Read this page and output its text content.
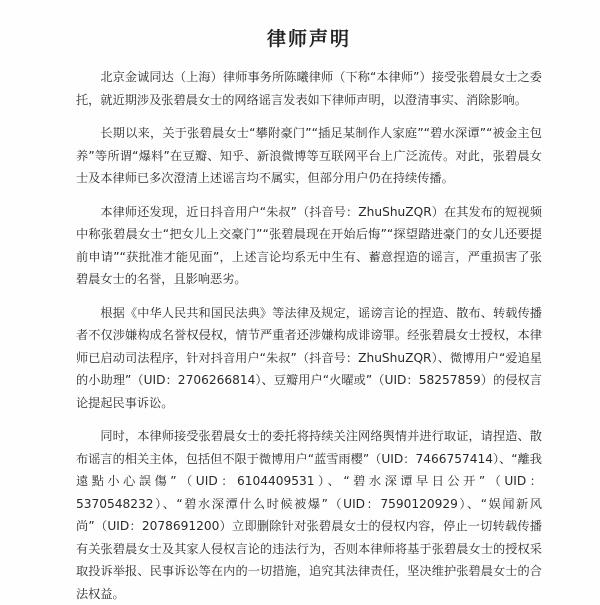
律师声明

北京金诚同达（上海）律师事务所陈曦律师（下称“本律师”）接受张碧晨女士之委托，就近期涉及张碧晨女士的网络谣言发表如下律师声明，以澄清事实、消除影响。

长期以来，关于张碧晨女士“攀附豪门”“插足某制作人家庭”“碧水深谭”“被金主包养”等所谓“爆料”在豆瓣、知乎、新浪微博等互联网平台上广泛流传。对此，张碧晨女士及本律师已多次澄清上述谣言均不属实，但部分用户仍在持续传播。

本律师还发现，近日抖音用户“朱叔”（抖音号：ZhuShuZQR）在其发布的短视频中称张碧晨女士“把女儿上交豪门”“张碧晨现在开始后悔”“探望踏进豪门的女儿还要提前申请”“获批准才能见面”，上述言论均系无中生有、蓄意捏造的谣言，严重损害了张碧晨女士的名誉，且影响恶劣。

根据《中华人民共和国民法典》等法律及规定，谣谤言论的捏造、散布、转载传播者不仅涉嫌构成名誉权侵权，情节严重者还涉嫌构成诽谤罪。经张碧晨女士授权，本律师已启动司法程序，针对抖音用户“朱叔”（抖音号：ZhuShuZQR）、微博用户“爱追星的小助理”（UID：2706266814）、豆瓣用户“火曜或”（UID：58257859）的侵权言论提起民事诉讼。

同时，本律师接受张碧晨女士的委托将持续关注网络舆情并进行取证，请捏造、散布谣言的相关主体，包括但不限于微博用户“蓝雪雨樱”（UID：7466757414）、“離我遠點小心誤傷”（UID：6104409531）、“碧水深谭早日公开”（UID：5370548232）、“碧水深潭什么时候被爆”（UID：7590120929）、“娱闻新风尚”（UID：2078691200）立即删除针对张碧晨女士的侵权内容，停止一切转载传播有关张碧晨女士及其家人侵权言论的违法行为，否则本律师将基于张碧晨女士的授权采取投诉举报、民事诉讼等在内的一切措施，追究其法律责任，坚决维护张碧晨女士的合法权益。
